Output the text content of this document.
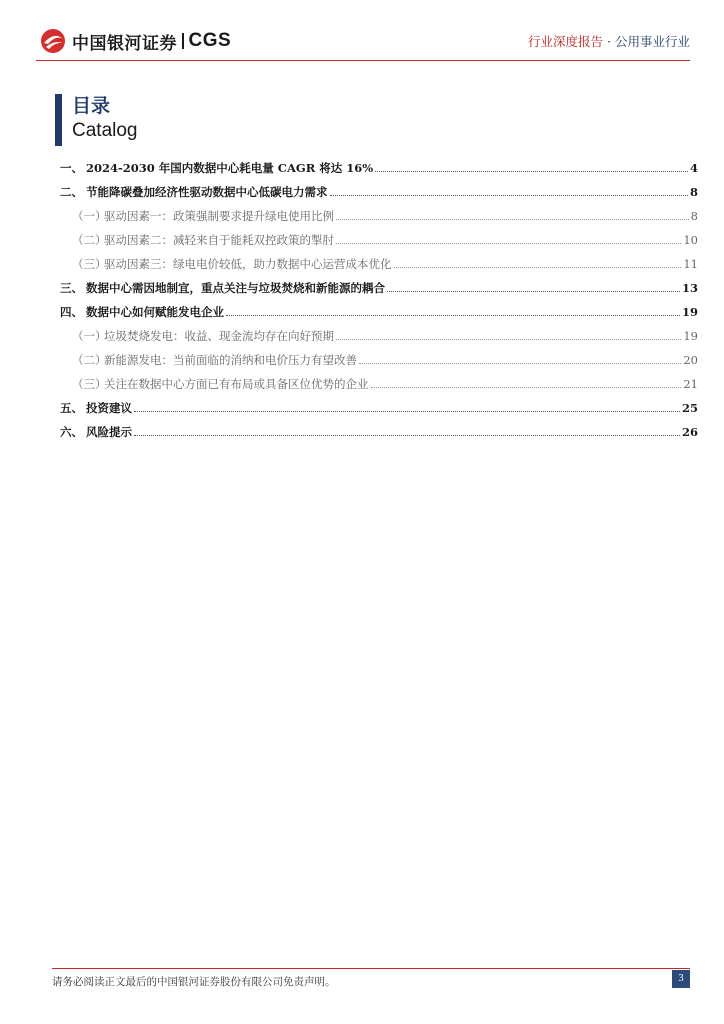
中国银河证券 CGS	行业深度报告 · 公用事业行业
目录
Catalog
一、 2024-2030 年国内数据中心耗电量 CAGR 将达 16%	4
二、 节能降碳叠加经济性驱动数据中心低碳电力需求	8
（一）
驱动因素一：政策强制要求提升绿电使用比例	8
（二）
驱动因素二：减轻来自于能耗双控政策的掣肘	10
（三）
驱动因素三：绿电电价较低，助力数据中心运营成本优化	11
三、 数据中心需因地制宜，重点关注与垃圾焚烧和新能源的耦合	13
四、 数据中心如何赋能发电企业	19
（一）
垃圾焚烧发电：收益、现金流均存在向好预期	19
（二）
新能源发电：当前面临的消纳和电价压力有望改善	20
（三）
关注在数据中心方面已有布局或具备区位优势的企业	21
五、 投资建议	25
六、 风险提示	26
请务必阅读正文最后的中国银河证券股份有限公司免责声明。	3
